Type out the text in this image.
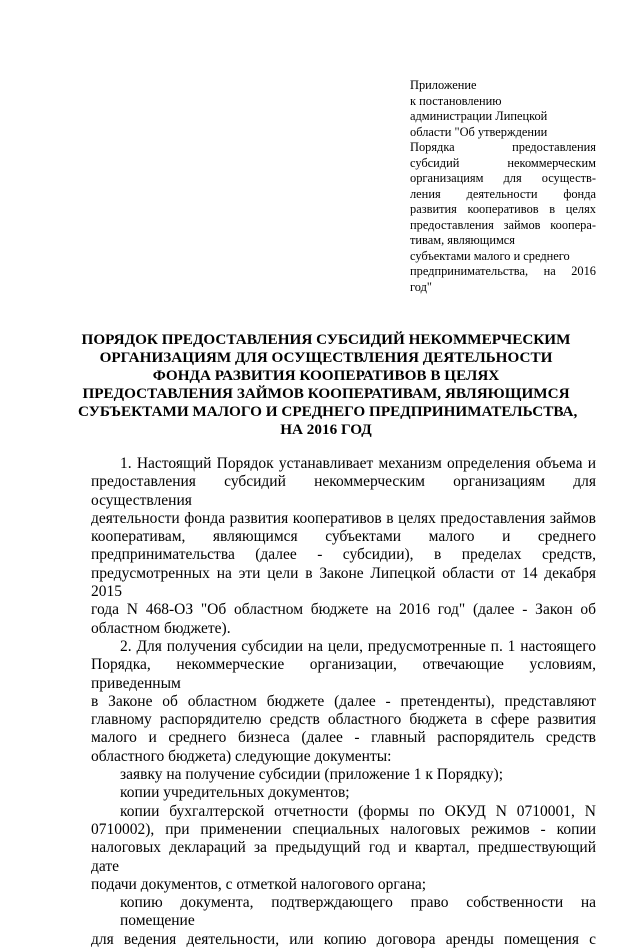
Приложение
к постановлению
администрации Липецкой
области "Об утверждении
Порядка предоставления
субсидий некоммерческим
организациям для осуществ-
ления деятельности фонда
развития кооперативов в целях
предоставления займов коопера-
тивам, являющимся
субъектами малого и среднего
предпринимательства, на 2016
год"
ПОРЯДОК ПРЕДОСТАВЛЕНИЯ СУБСИДИЙ НЕКОММЕРЧЕСКИМ
ОРГАНИЗАЦИЯМ ДЛЯ ОСУЩЕСТВЛЕНИЯ ДЕЯТЕЛЬНОСТИ
ФОНДА РАЗВИТИЯ КООПЕРАТИВОВ В ЦЕЛЯХ
ПРЕДОСТАВЛЕНИЯ ЗАЙМОВ КООПЕРАТИВАМ, ЯВЛЯЮЩИМСЯ
СУБЪЕКТАМИ МАЛОГО И СРЕДНЕГО ПРЕДПРИНИМАТЕЛЬСТВА,
НА 2016 ГОД
1. Настоящий Порядок устанавливает механизм определения объема и
предоставления субсидий некоммерческим организациям для осуществления
деятельности фонда развития кооперативов в целях предоставления займов
кооперативам, являющимся субъектами малого и среднего
предпринимательства (далее - субсидии), в пределах средств,
предусмотренных на эти цели в Законе Липецкой области от 14 декабря 2015
года N 468-ОЗ "Об областном бюджете на 2016 год" (далее - Закон об
областном бюджете).
2. Для получения субсидии на цели, предусмотренные п. 1 настоящего
Порядка, некоммерческие организации, отвечающие условиям, приведенным
в Законе об областном бюджете (далее - претенденты), представляют
главному распорядителю средств областного бюджета в сфере развития
малого и среднего бизнеса (далее - главный распорядитель средств
областного бюджета) следующие документы:
заявку на получение субсидии (приложение 1 к Порядку);
копии учредительных документов;
копии бухгалтерской отчетности (формы по ОКУД N 0710001, N
0710002), при применении специальных налоговых режимов - копии
налоговых деклараций за предыдущий год и квартал, предшествующий дате
подачи документов, с отметкой налогового органа;
копию документа, подтверждающего право собственности на помещение
для ведения деятельности, или копию договора аренды помещения с
